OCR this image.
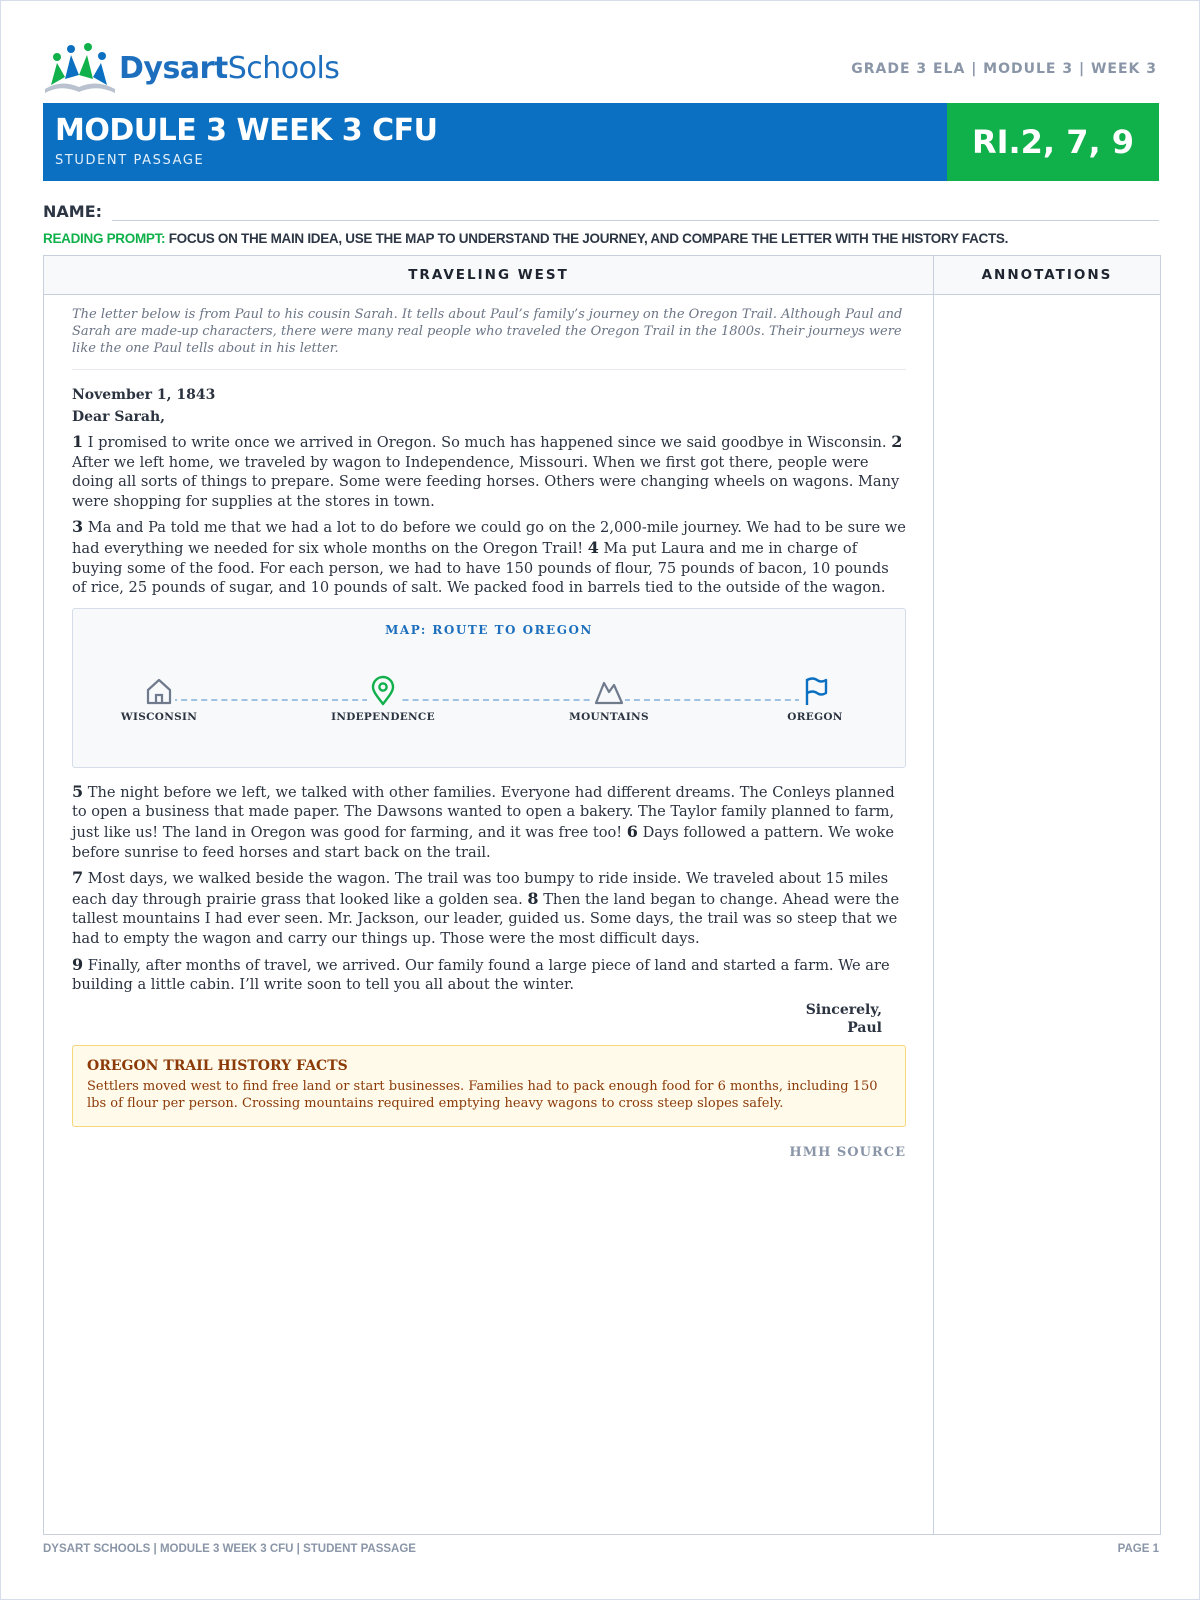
DysartSchools	GRADE 3 ELA | MODULE 3 | WEEK 3
MODULE 3 WEEK 3 CFU
STUDENT PASSAGE	RI.2, 7, 9
NAME:
READING PROMPT: FOCUS ON THE MAIN IDEA, USE THE MAP TO UNDERSTAND THE JOURNEY, AND COMPARE THE LETTER WITH THE HISTORY FACTS.
TRAVELING WEST	ANNOTATIONS
The letter below is from Paul to his cousin Sarah. It tells about Paul’s family’s journey on the Oregon Trail. Although Paul and Sarah are made-up characters, there were many real people who traveled the Oregon Trail in the 1800s. Their journeys were like the one Paul tells about in his letter.
November 1, 1843
Dear Sarah,

1 I promised to write once we arrived in Oregon. So much has happened since we said goodbye in Wisconsin. 2 After we left home, we traveled by wagon to Independence, Missouri. When we first got there, people were doing all sorts of things to prepare. Some were feeding horses. Others were changing wheels on wagons. Many were shopping for supplies at the stores in town.

3 Ma and Pa told me that we had a lot to do before we could go on the 2,000-mile journey. We had to be sure we had everything we needed for six whole months on the Oregon Trail! 4 Ma put Laura and me in charge of buying some of the food. For each person, we had to have 150 pounds of flour, 75 pounds of bacon, 10 pounds of rice, 25 pounds of sugar, and 10 pounds of salt. We packed food in barrels tied to the outside of the wagon.

MAP: ROUTE TO OREGON
WISCONSIN	INDEPENDENCE	MOUNTAINS	OREGON

5 The night before we left, we talked with other families. Everyone had different dreams. The Conleys planned to open a business that made paper. The Dawsons wanted to open a bakery. The Taylor family planned to farm, just like us! The land in Oregon was good for farming, and it was free too! 6 Days followed a pattern. We woke before sunrise to feed horses and start back on the trail.

7 Most days, we walked beside the wagon. The trail was too bumpy to ride inside. We traveled about 15 miles each day through prairie grass that looked like a golden sea. 8 Then the land began to change. Ahead were the tallest mountains I had ever seen. Mr. Jackson, our leader, guided us. Some days, the trail was so steep that we had to empty the wagon and carry our things up. Those were the most difficult days.

9 Finally, after months of travel, we arrived. Our family found a large piece of land and started a farm. We are building a little cabin. I’ll write soon to tell you all about the winter.

Sincerely,
Paul
OREGON TRAIL HISTORY FACTS
Settlers moved west to find free land or start businesses. Families had to pack enough food for 6 months, including 150 lbs of flour per person. Crossing mountains required emptying heavy wagons to cross steep slopes safely.
HMH SOURCE
DYSART SCHOOLS | MODULE 3 WEEK 3 CFU | STUDENT PASSAGE	PAGE 1
